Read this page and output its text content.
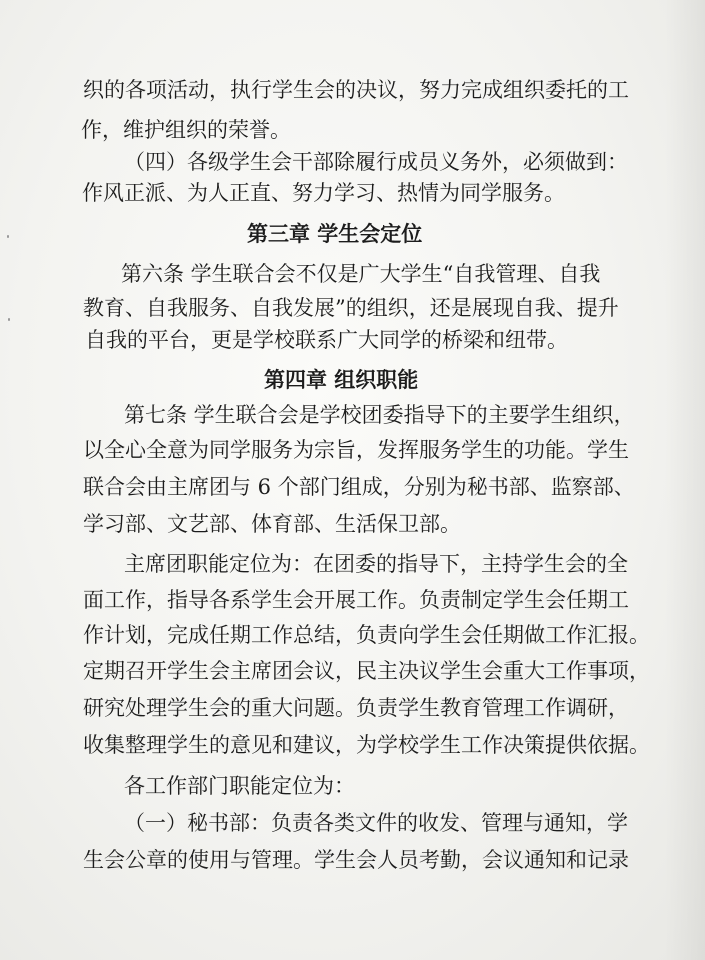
织的各项活动，执行学生会的决议，努力完成组织委托的工
作，维护组织的荣誉。
（四）各级学生会干部除履行成员义务外，必须做到：
作风正派、为人正直、努力学习、热情为同学服务。
第三章 学生会定位
第六条 学生联合会不仅是广大学生“自我管理、自我
教育、自我服务、自我发展”的组织，还是展现自我、提升
自我的平台，更是学校联系广大同学的桥梁和纽带。
第四章 组织职能
第七条 学生联合会是学校团委指导下的主要学生组织，
以全心全意为同学服务为宗旨，发挥服务学生的功能。学生
联合会由主席团与 6 个部门组成，分别为秘书部、监察部、
学习部、文艺部、体育部、生活保卫部。
主席团职能定位为：在团委的指导下，主持学生会的全
面工作，指导各系学生会开展工作。负责制定学生会任期工
作计划，完成任期工作总结，负责向学生会任期做工作汇报。
定期召开学生会主席团会议，民主决议学生会重大工作事项，
研究处理学生会的重大问题。负责学生教育管理工作调研，
收集整理学生的意见和建议，为学校学生工作决策提供依据。
各工作部门职能定位为：
（一）秘书部：负责各类文件的收发、管理与通知，学
生会公章的使用与管理。学生会人员考勤，会议通知和记录
